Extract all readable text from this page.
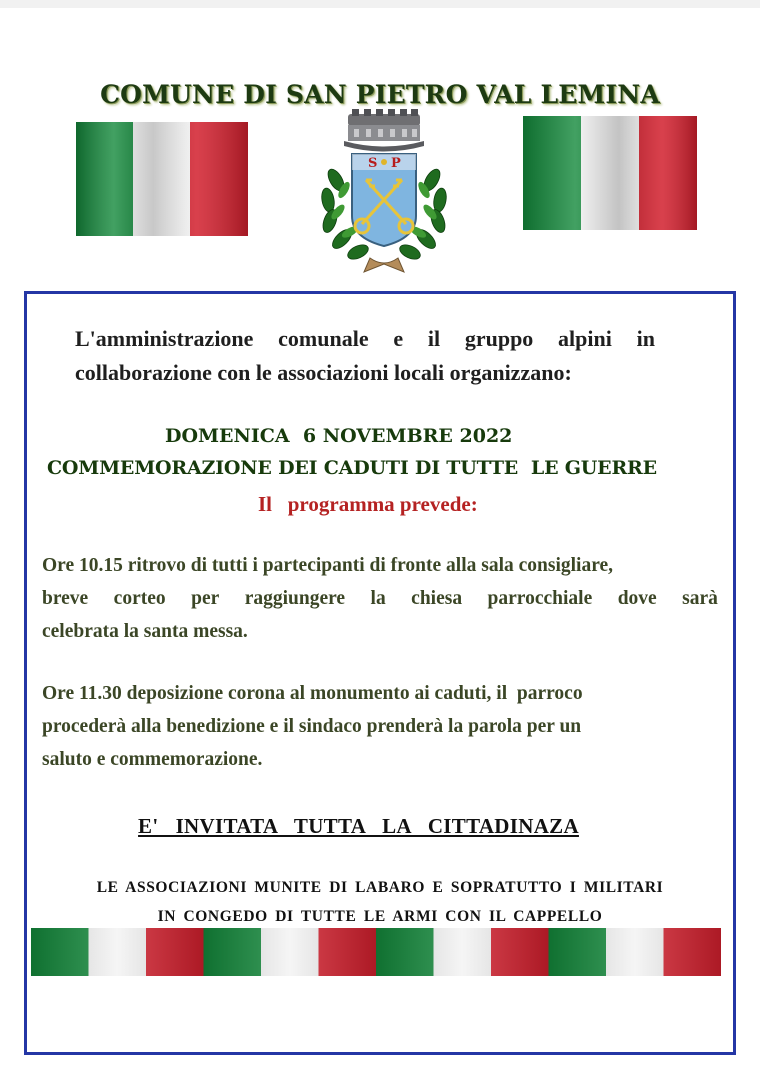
COMUNE DI SAN PIETRO VAL LEMINA
S P
L'amministrazione comunale e il gruppo alpini in
collaborazione con le associazioni locali organizzano:
DOMENICA  6 NOVEMBRE 2022
COMMEMORAZIONE DEI CADUTI DI TUTTE  LE GUERRE
Il   programma prevede:
Ore 10.15 ritrovo di tutti i partecipanti di fronte alla sala consigliare,
breve corteo per raggiungere la chiesa parrocchiale dove sarà
celebrata la santa messa.
Ore 11.30 deposizione corona al monumento ai caduti, il  parroco
procederà alla benedizione e il sindaco prenderà la parola per un
saluto e commemorazione.
E'  INVITATA  TUTTA  LA  CITTADINAZA
LE ASSOCIAZIONI MUNITE DI LABARO E SOPRATUTTO I MILITARI
IN CONGEDO DI TUTTE LE ARMI CON IL CAPPELLO
